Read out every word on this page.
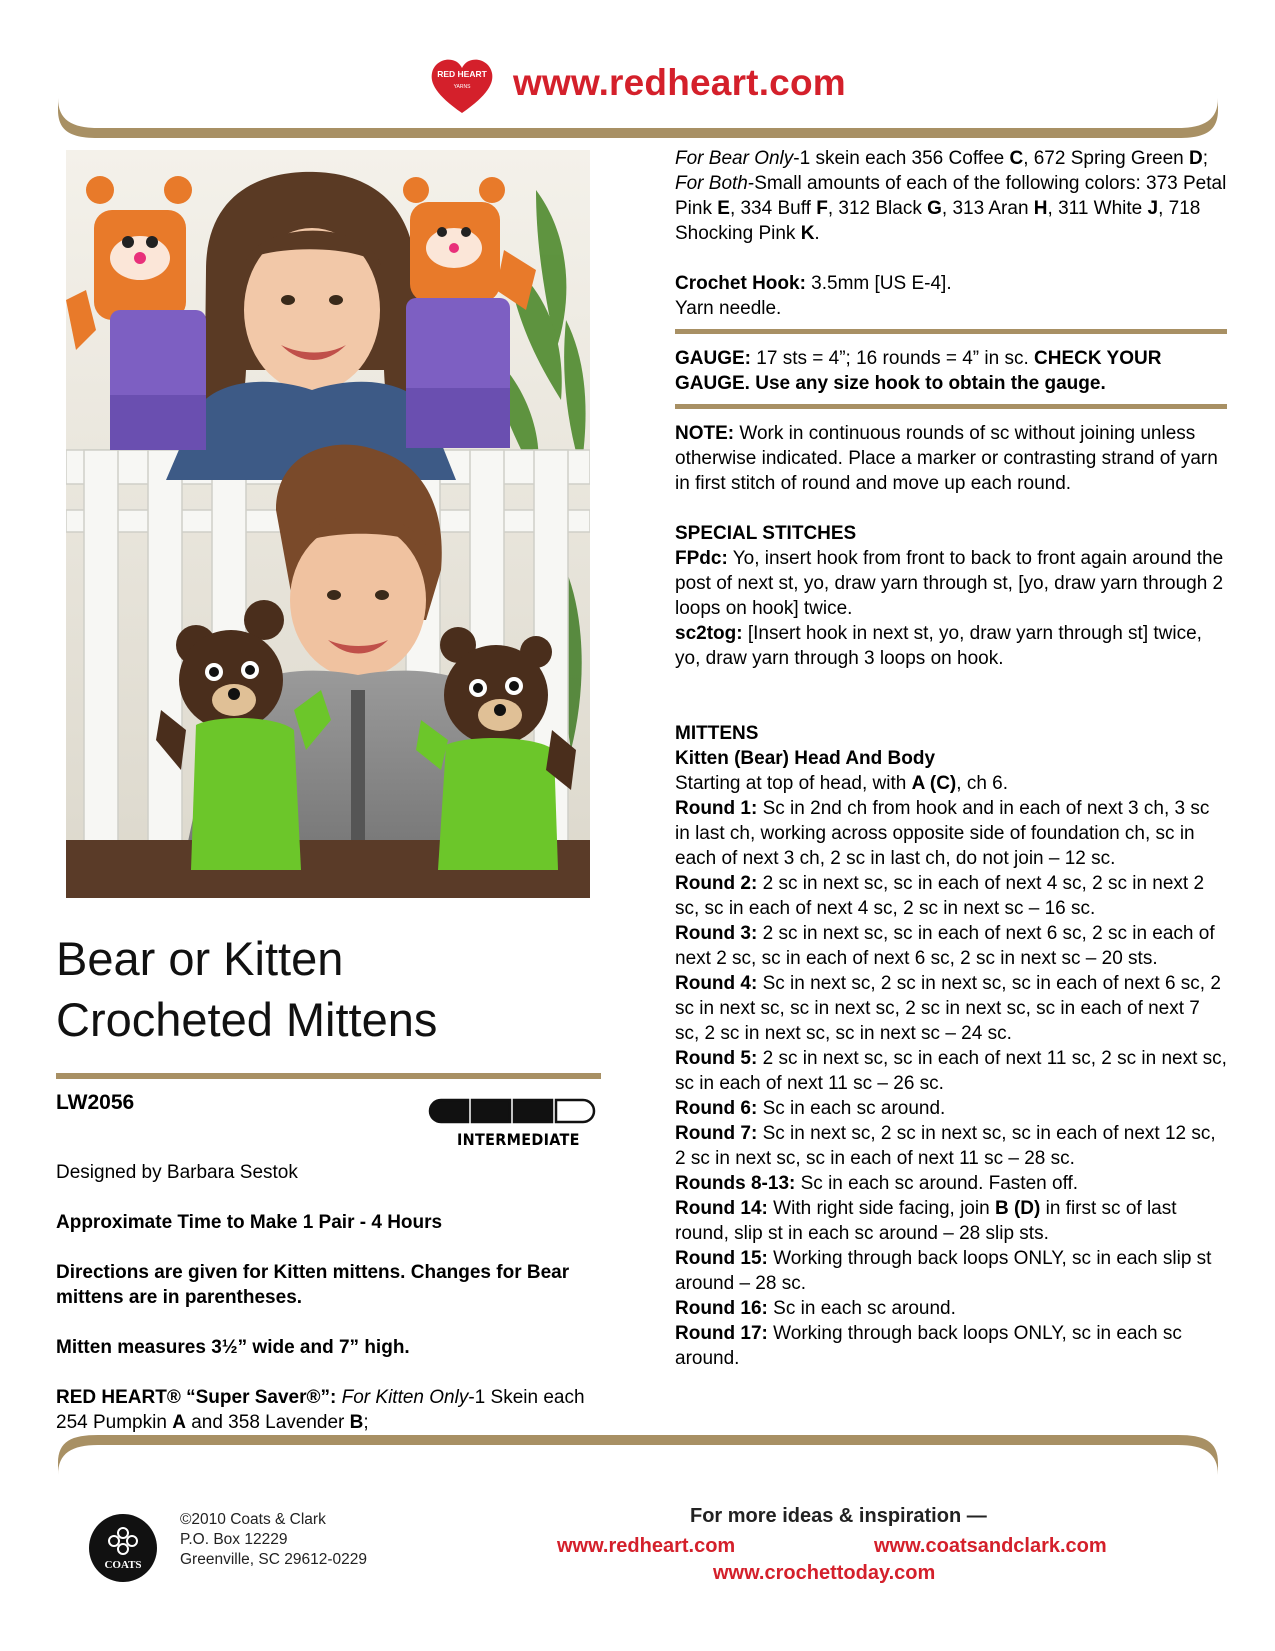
RED HEART
YARNS www.redheart.com
Bear or Kitten
Crocheted Mittens
LW2056
INTERMEDIATE

Designed by Barbara Sestok

Approximate Time to Make 1 Pair - 4 Hours

Directions are given for Kitten mittens. Changes for Bear mittens are in parentheses.

Mitten measures 3½” wide and 7” high.

RED HEART® “Super Saver®”: For Kitten Only-1 Skein each 254 Pumpkin A and 358 Lavender B;

For Bear Only-1 skein each 356 Coffee C, 672 Spring Green D; For Both-Small amounts of each of the following colors: 373 Petal Pink E, 334 Buff F, 312 Black G, 313 Aran H, 311 White J, 718 Shocking Pink K.

Crochet Hook: 3.5mm [US E-4].

Yarn needle.

GAUGE: 17 sts = 4”; 16 rounds = 4” in sc. CHECK YOUR GAUGE. Use any size hook to obtain the gauge.

NOTE: Work in continuous rounds of sc without joining unless otherwise indicated. Place a marker or contrasting strand of yarn in first stitch of round and move up each round.

SPECIAL STITCHES

FPdc: Yo, insert hook from front to back to front again around the post of next st, yo, draw yarn through st, [yo, draw yarn through 2 loops on hook] twice.

sc2tog: [Insert hook in next st, yo, draw yarn through st] twice, yo, draw yarn through 3 loops on hook.

MITTENS

Kitten (Bear) Head And Body

Starting at top of head, with A (C), ch 6.

Round 1: Sc in 2nd ch from hook and in each of next 3 ch, 3 sc in last ch, working across opposite side of foundation ch, sc in each of next 3 ch, 2 sc in last ch, do not join – 12 sc.

Round 2: 2 sc in next sc, sc in each of next 4 sc, 2 sc in next 2 sc, sc in each of next 4 sc, 2 sc in next sc – 16 sc.

Round 3: 2 sc in next sc, sc in each of next 6 sc, 2 sc in each of next 2 sc, sc in each of next 6 sc, 2 sc in next sc – 20 sts.

Round 4: Sc in next sc, 2 sc in next sc, sc in each of next 6 sc, 2 sc in next sc, sc in next sc, 2 sc in next sc, sc in each of next 7 sc, 2 sc in next sc, sc in next sc – 24 sc.

Round 5: 2 sc in next sc, sc in each of next 11 sc, 2 sc in next sc, sc in each of next 11 sc – 26 sc.

Round 6: Sc in each sc around.

Round 7: Sc in next sc, 2 sc in next sc, sc in each of next 12 sc, 2 sc in next sc, sc in each of next 11 sc – 28 sc.

Rounds 8-13: Sc in each sc around. Fasten off.

Round 14: With right side facing, join B (D) in first sc of last round, slip st in each sc around – 28 slip sts.

Round 15: Working through back loops ONLY, sc in each slip st around – 28 sc.

Round 16: Sc in each sc around.

Round 17: Working through back loops ONLY, sc in each sc around.

COATS
©2010 Coats & Clark
P.O. Box 12229
Greenville, SC 29612-0229
For more ideas & inspiration —
www.redheart.com	www.coatsandclark.com
www.crochettoday.com
